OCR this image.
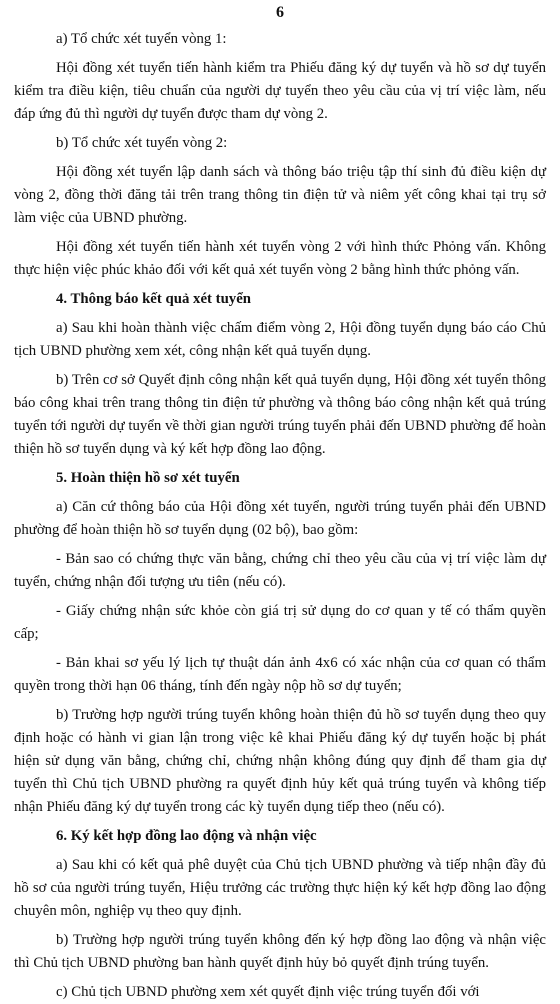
6
a) Tổ chức xét tuyển vòng 1:
Hội đồng xét tuyển tiến hành kiểm tra Phiếu đăng ký dự tuyển và hồ sơ dự tuyển kiểm tra điều kiện, tiêu chuẩn của người dự tuyển theo yêu cầu của vị trí việc làm, nếu đáp ứng đủ thì người dự tuyển được tham dự vòng 2.
b) Tổ chức xét tuyển vòng 2:
Hội đồng xét tuyển lập danh sách và thông báo triệu tập thí sinh đủ điều kiện dự vòng 2, đồng thời đăng tải trên trang thông tin điện tử và niêm yết công khai tại trụ sở làm việc của UBND phường.
Hội đồng xét tuyển tiến hành xét tuyển vòng 2 với hình thức Phỏng vấn. Không thực hiện việc phúc khảo đối với kết quả xét tuyển vòng 2 bằng hình thức phỏng vấn.
4. Thông báo kết quả xét tuyển
a) Sau khi hoàn thành việc chấm điểm vòng 2, Hội đồng tuyển dụng báo cáo Chủ tịch UBND phường xem xét, công nhận kết quả tuyển dụng.
b) Trên cơ sở Quyết định công nhận kết quả tuyển dụng, Hội đồng xét tuyển thông báo công khai trên trang thông tin điện tử phường và thông báo công nhận kết quả trúng tuyển tới người dự tuyển về thời gian người trúng tuyển phải đến UBND phường để hoàn thiện hồ sơ tuyển dụng và ký kết hợp đồng lao động.
5. Hoàn thiện hồ sơ xét tuyển
a) Căn cứ thông báo của Hội đồng xét tuyển, người trúng tuyển phải đến UBND phường để hoàn thiện hồ sơ tuyển dụng (02 bộ), bao gồm:
- Bản sao có chứng thực văn bằng, chứng chỉ theo yêu cầu của vị trí việc làm dự tuyển, chứng nhận đối tượng ưu tiên (nếu có).
- Giấy chứng nhận sức khỏe còn giá trị sử dụng do cơ quan y tế có thẩm quyền cấp;
- Bản khai sơ yếu lý lịch tự thuật dán ảnh 4x6 có xác nhận của cơ quan có thẩm quyền trong thời hạn 06 tháng, tính đến ngày nộp hồ sơ dự tuyển;
b) Trường hợp người trúng tuyển không hoàn thiện đủ hồ sơ tuyển dụng theo quy định hoặc có hành vi gian lận trong việc kê khai Phiếu đăng ký dự tuyển hoặc bị phát hiện sử dụng văn bằng, chứng chỉ, chứng nhận không đúng quy định để tham gia dự tuyển thì Chủ tịch UBND phường ra quyết định hủy kết quả trúng tuyển và không tiếp nhận Phiếu đăng ký dự tuyển trong các kỳ tuyển dụng tiếp theo (nếu có).
6. Ký kết hợp đồng lao động và nhận việc
a) Sau khi có kết quả phê duyệt của Chủ tịch UBND phường và tiếp nhận đầy đủ hồ sơ của người trúng tuyển, Hiệu trưởng các trường thực hiện ký kết hợp đồng lao động chuyên môn, nghiệp vụ theo quy định.
b) Trường hợp người trúng tuyển không đến ký hợp đồng lao động và nhận việc thì Chủ tịch UBND phường ban hành quyết định hủy bỏ quyết định trúng tuyển.
c) Chủ tịch UBND phường xem xét quyết định việc trúng tuyển đối với
